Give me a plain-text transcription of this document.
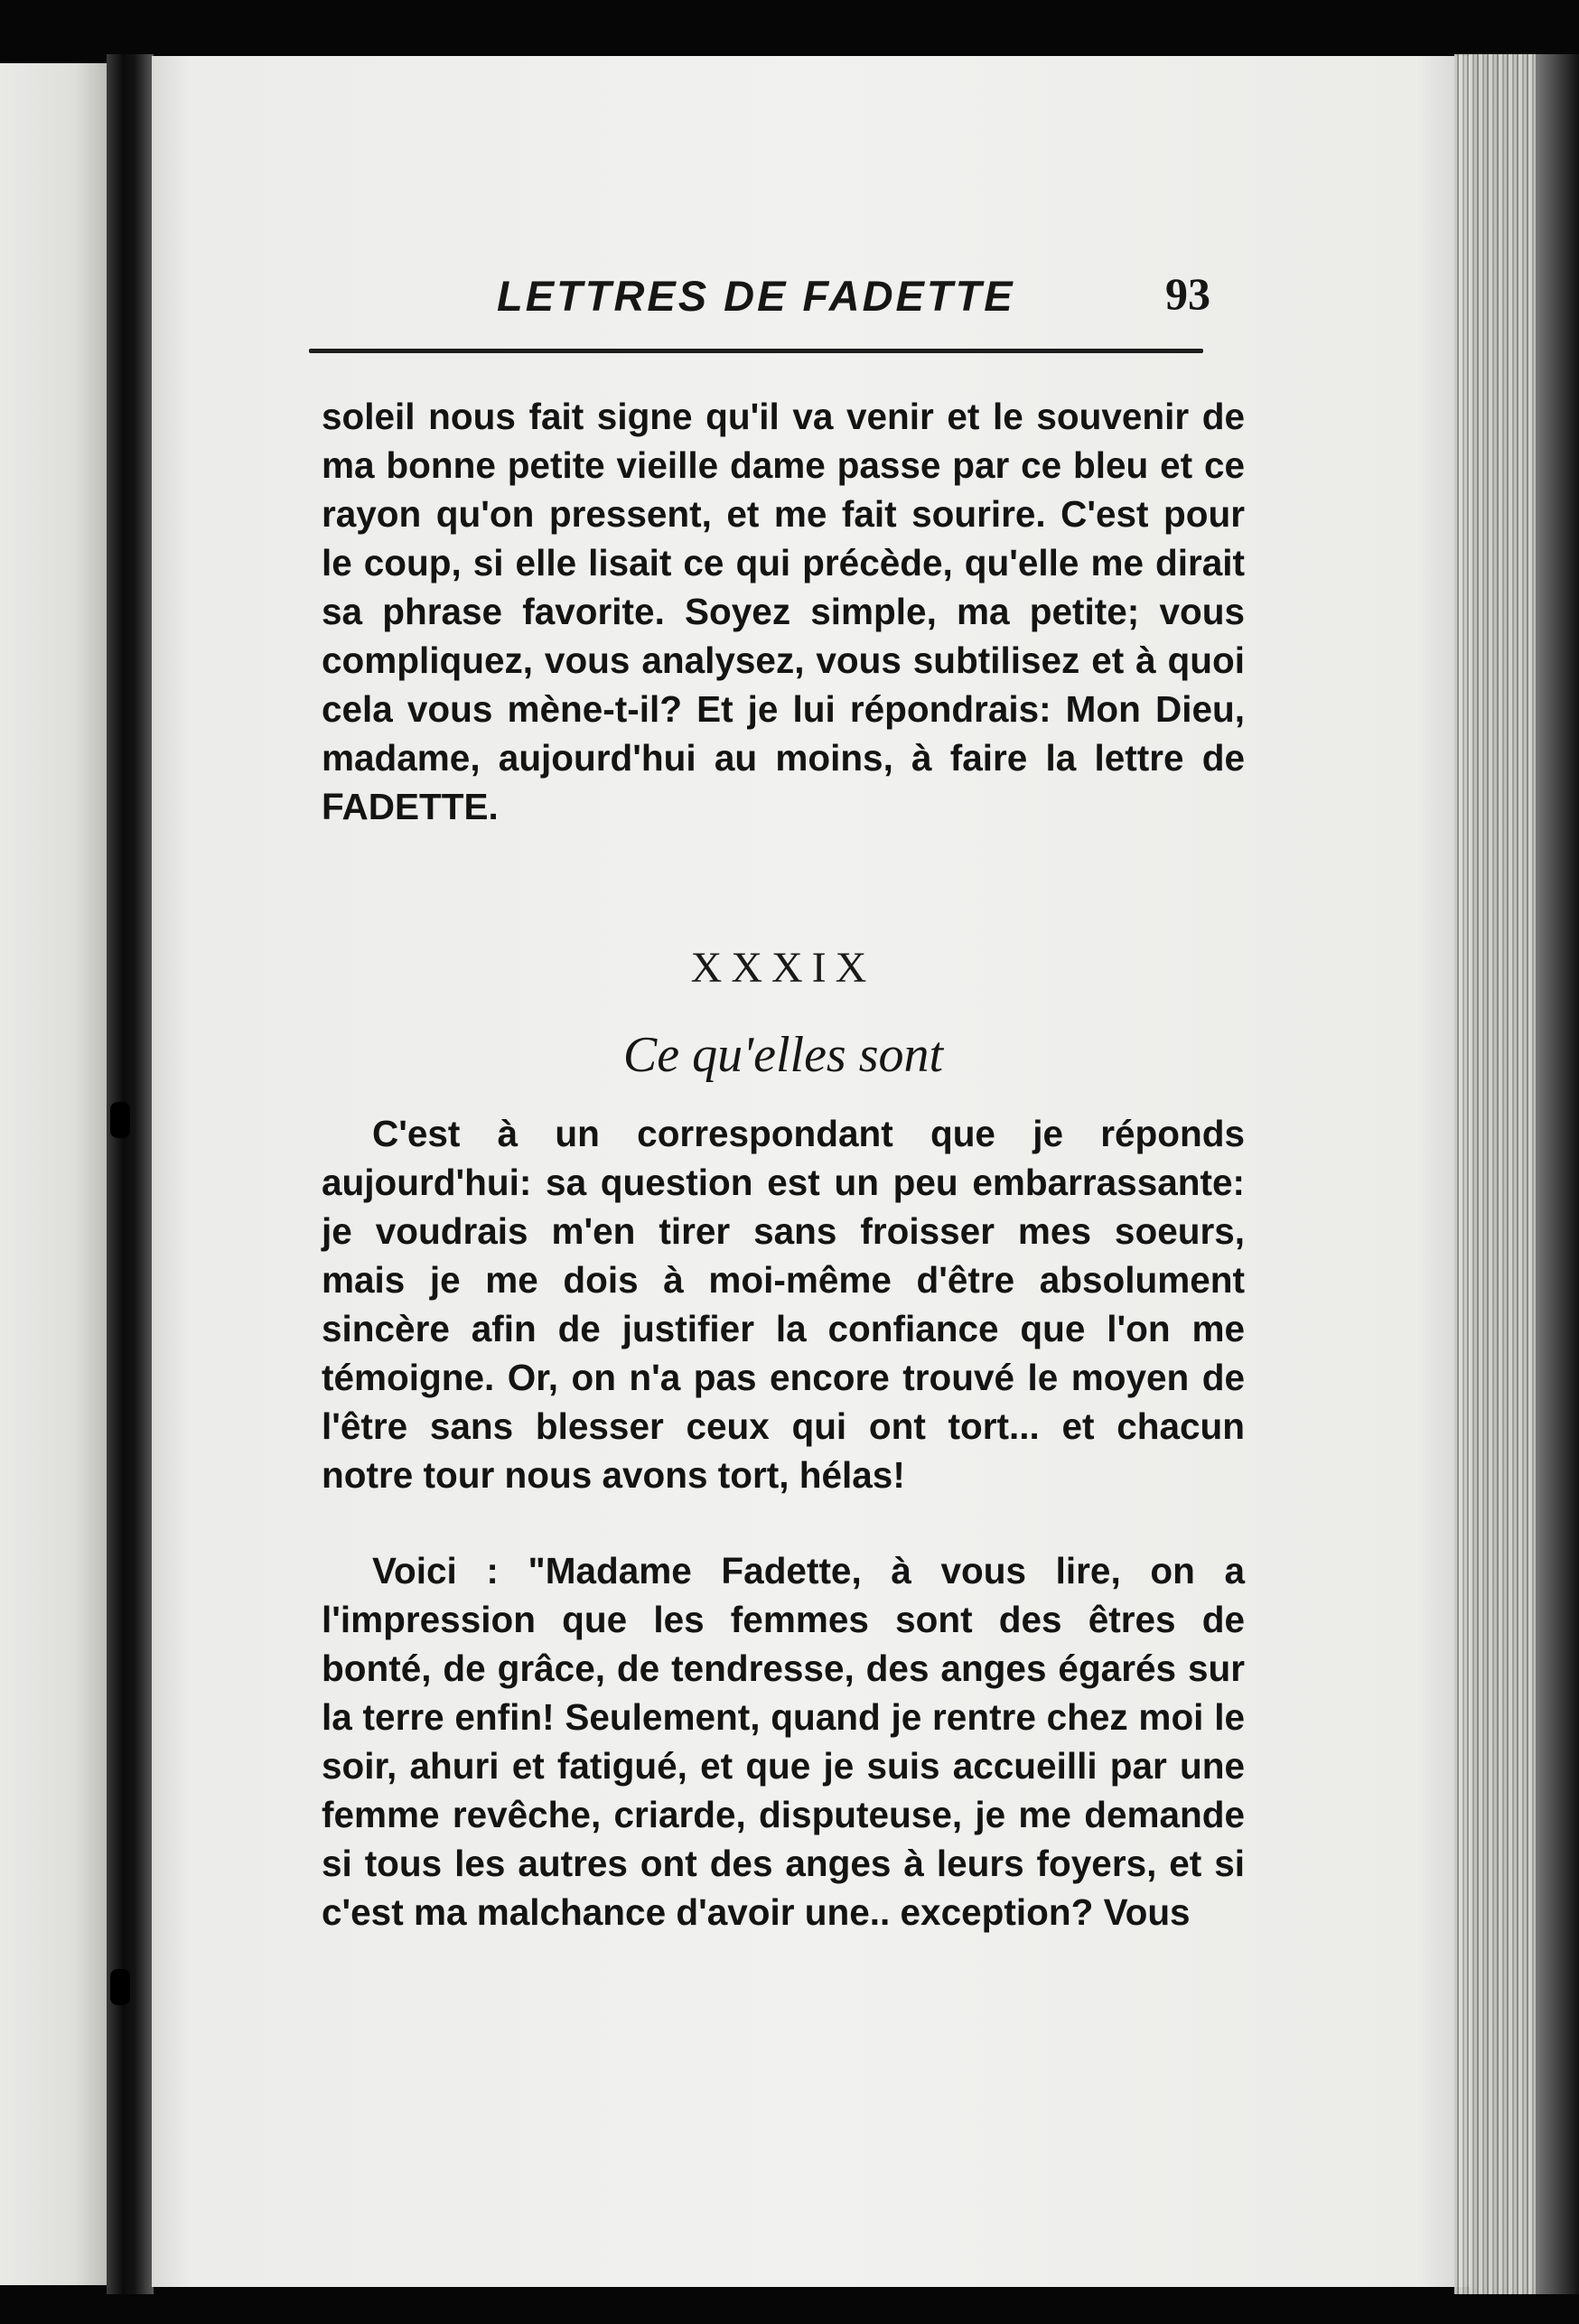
LETTRES DE FADETTE	93

soleil nous fait signe qu'il va venir et le souvenir de ma bonne petite vieille dame passe par ce bleu et ce rayon qu'on pressent, et me fait sourire. C'est pour le coup, si elle lisait ce qui précède, qu'elle me dirait sa phrase favorite. Soyez simple, ma petite; vous compliquez, vous analysez, vous subtilisez et à quoi cela vous mène-t-il? Et je lui répondrais: Mon Dieu, madame, aujourd'hui au moins, à faire la lettre de FADETTE.

XXXIX
Ce qu'elles sont

C'est à un correspondant que je réponds aujourd'hui: sa question est un peu embarrassante: je voudrais m'en tirer sans froisser mes soeurs, mais je me dois à moi-même d'être absolument sincère afin de justifier la confiance que l'on me témoigne. Or, on n'a pas encore trouvé le moyen de l'être sans blesser ceux qui ont tort... et chacun notre tour nous avons tort, hélas!

Voici : "Madame Fadette, à vous lire, on a l'impression que les femmes sont des êtres de bonté, de grâce, de tendresse, des anges égarés sur la terre enfin! Seulement, quand je rentre chez moi le soir, ahuri et fatigué, et que je suis accueilli par une femme revêche, criarde, disputeuse, je me demande si tous les autres ont des anges à leurs foyers, et si c'est ma malchance d'avoir une.. exception? Vous
